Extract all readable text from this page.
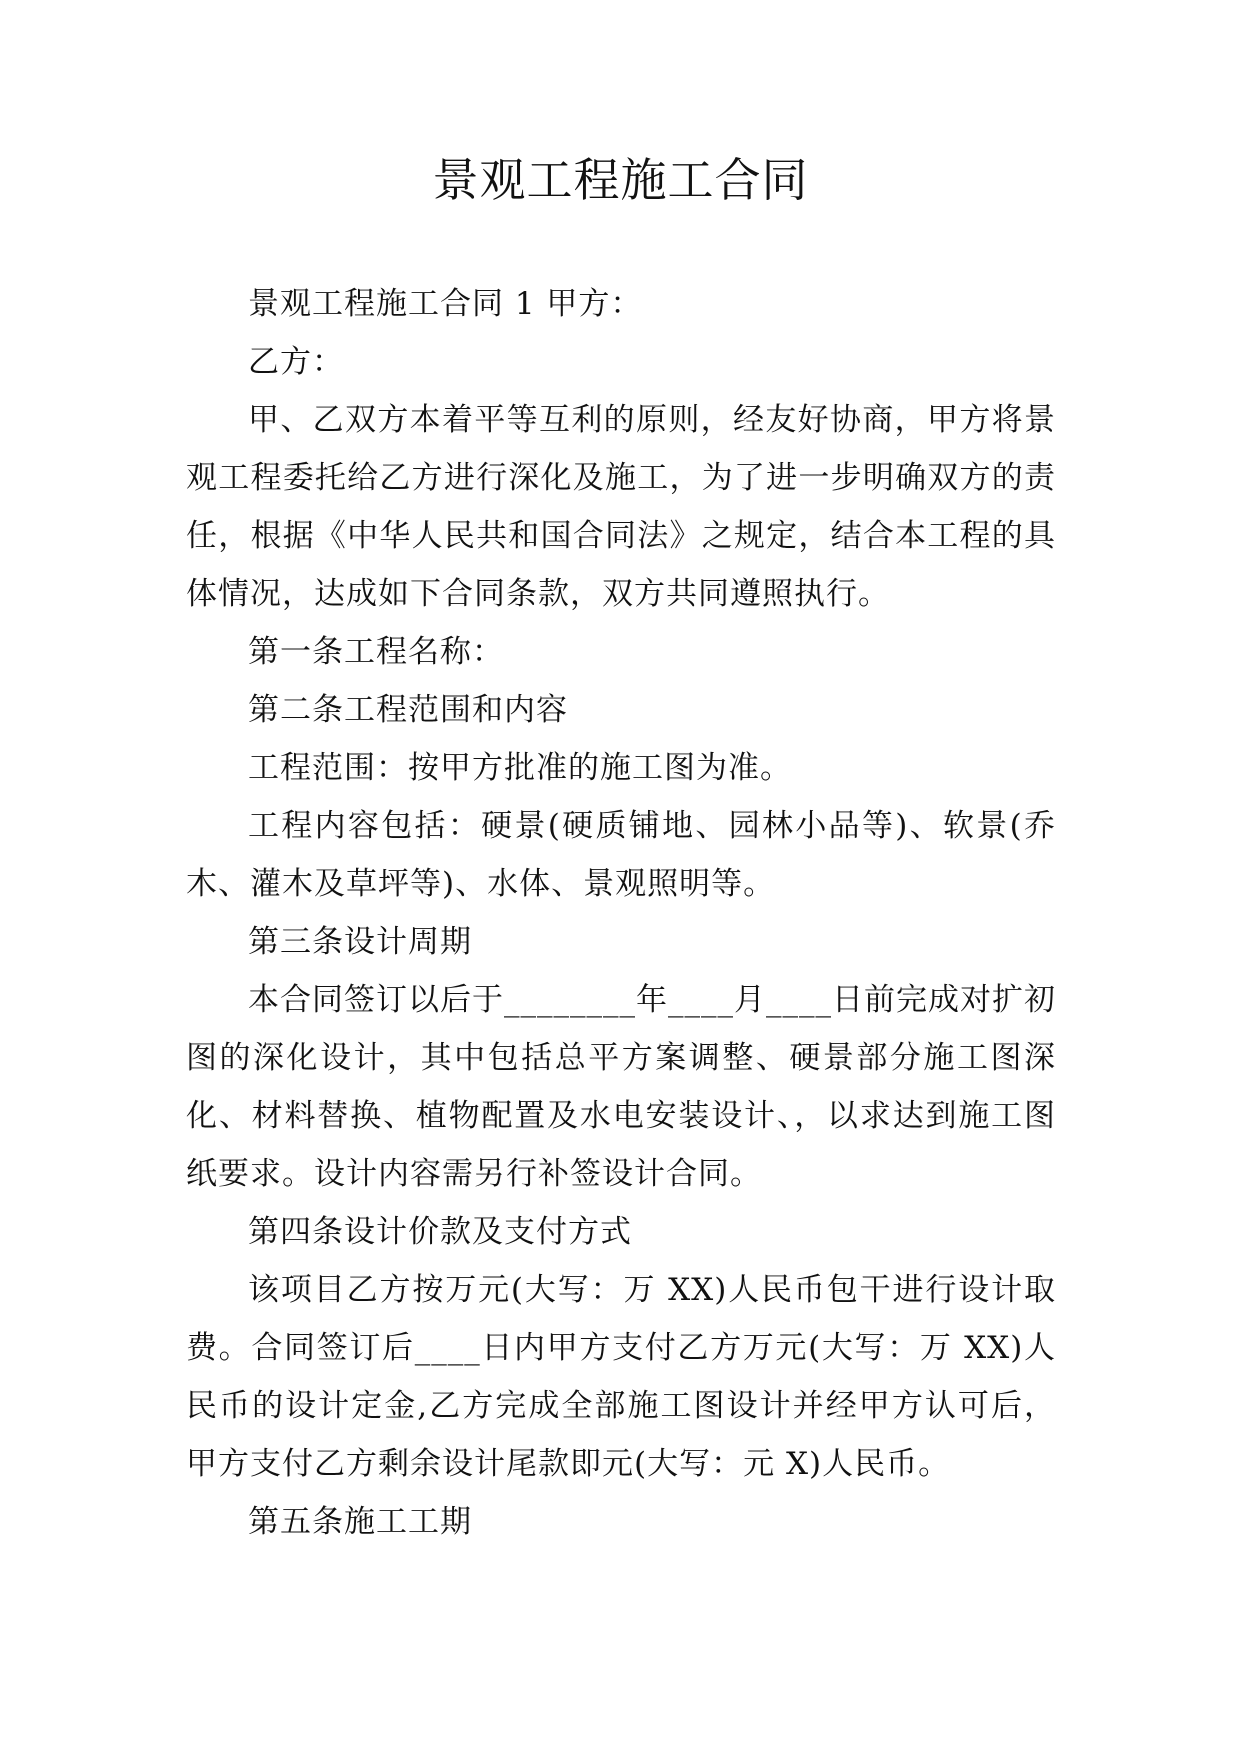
景观工程施工合同

景观工程施工合同 1 甲方：

乙方：

甲、乙双方本着平等互利的原则，经友好协商，甲方将景观工程委托给乙方进行深化及施工，为了进一步明确双方的责任，根据《中华人民共和国合同法》之规定，结合本工程的具体情况，达成如下合同条款，双方共同遵照执行。

第一条工程名称：

第二条工程范围和内容

工程范围：按甲方批准的施工图为准。

工程内容包括：硬景(硬质铺地、园林小品等)、软景(乔木、灌木及草坪等)、水体、景观照明等。

第三条设计周期

本合同签订以后于________年____月____日前完成对扩初图的深化设计，其中包括总平方案调整、硬景部分施工图深化、材料替换、植物配置及水电安装设计、，以求达到施工图纸要求。设计内容需另行补签设计合同。

第四条设计价款及支付方式

该项目乙方按万元(大写：万 XX)人民币包干进行设计取费。合同签订后____日内甲方支付乙方万元(大写：万 XX)人民币的设计定金,乙方完成全部施工图设计并经甲方认可后，甲方支付乙方剩余设计尾款即元(大写：元 X)人民币。

第五条施工工期
